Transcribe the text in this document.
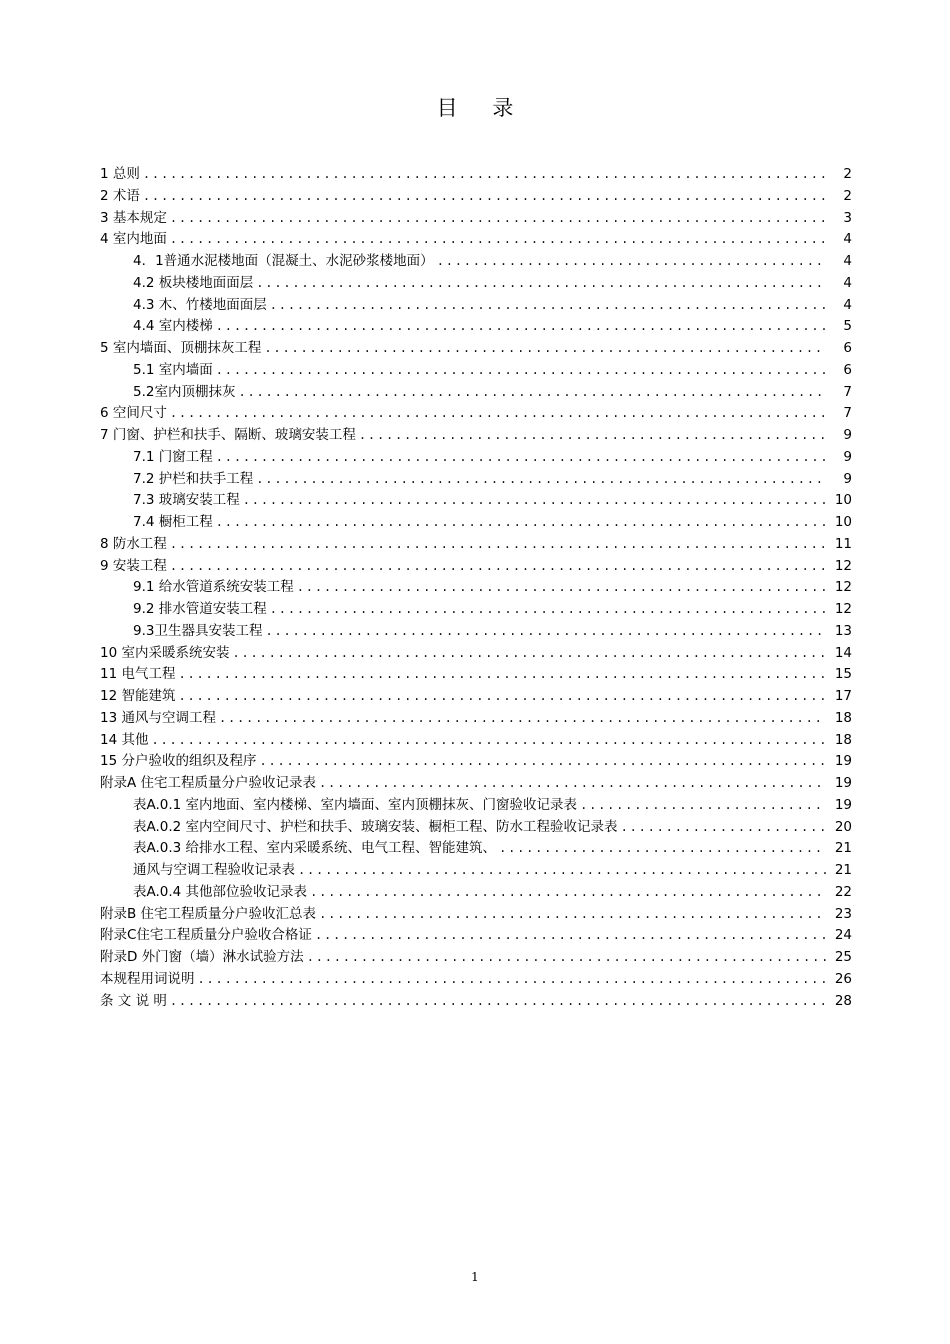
目 录
1 总则 .....	2
2 术语 .....	2
3 基本规定 .....	3
4 室内地面 .....	4
4．1普通水泥楼地面（混凝土、水泥砂浆楼地面） .....	4
4.2 板块楼地面面层 .....	4
4.3 木、竹楼地面面层 .....	4
4.4 室内楼梯 .....	5
5 室内墙面、顶棚抹灰工程 .....	6
5.1 室内墙面 .....	6
5.2室内顶棚抹灰 .....	7
6 空间尺寸 .....	7
7 门窗、护栏和扶手、隔断、玻璃安装工程 .....	9
7.1 门窗工程 .....	9
7.2 护栏和扶手工程 .....	9
7.3 玻璃安装工程 .....	10
7.4 橱柜工程 .....	10
8 防水工程 .....	11
9 安装工程 .....	12
9.1 给水管道系统安装工程 .....	12
9.2 排水管道安装工程 .....	12
9.3卫生器具安装工程 .....	13
10 室内采暖系统安装 .....	14
11 电气工程 .....	15
12 智能建筑 .....	17
13 通风与空调工程 .....	18
14 其他 .....	18
15 分户验收的组织及程序 .....	19
附录A 住宅工程质量分户验收记录表 .....	19
表A.0.1 室内地面、室内楼梯、室内墙面、室内顶棚抹灰、门窗验收记录表 .....	19
表A.0.2 室内空间尺寸、护栏和扶手、玻璃安装、橱柜工程、防水工程验收记录表 .....	20
表A.0.3 给排水工程、室内采暖系统、电气工程、智能建筑、 .....	21
通风与空调工程验收记录表 .....	21
表A.0.4 其他部位验收记录表 .....	22
附录B 住宅工程质量分户验收汇总表 .....	23
附录C住宅工程质量分户验收合格证 .....	24
附录D 外门窗（墙）淋水试验方法 .....	25
本规程用词说明 .....	26
条 文 说 明 .....	28
1
